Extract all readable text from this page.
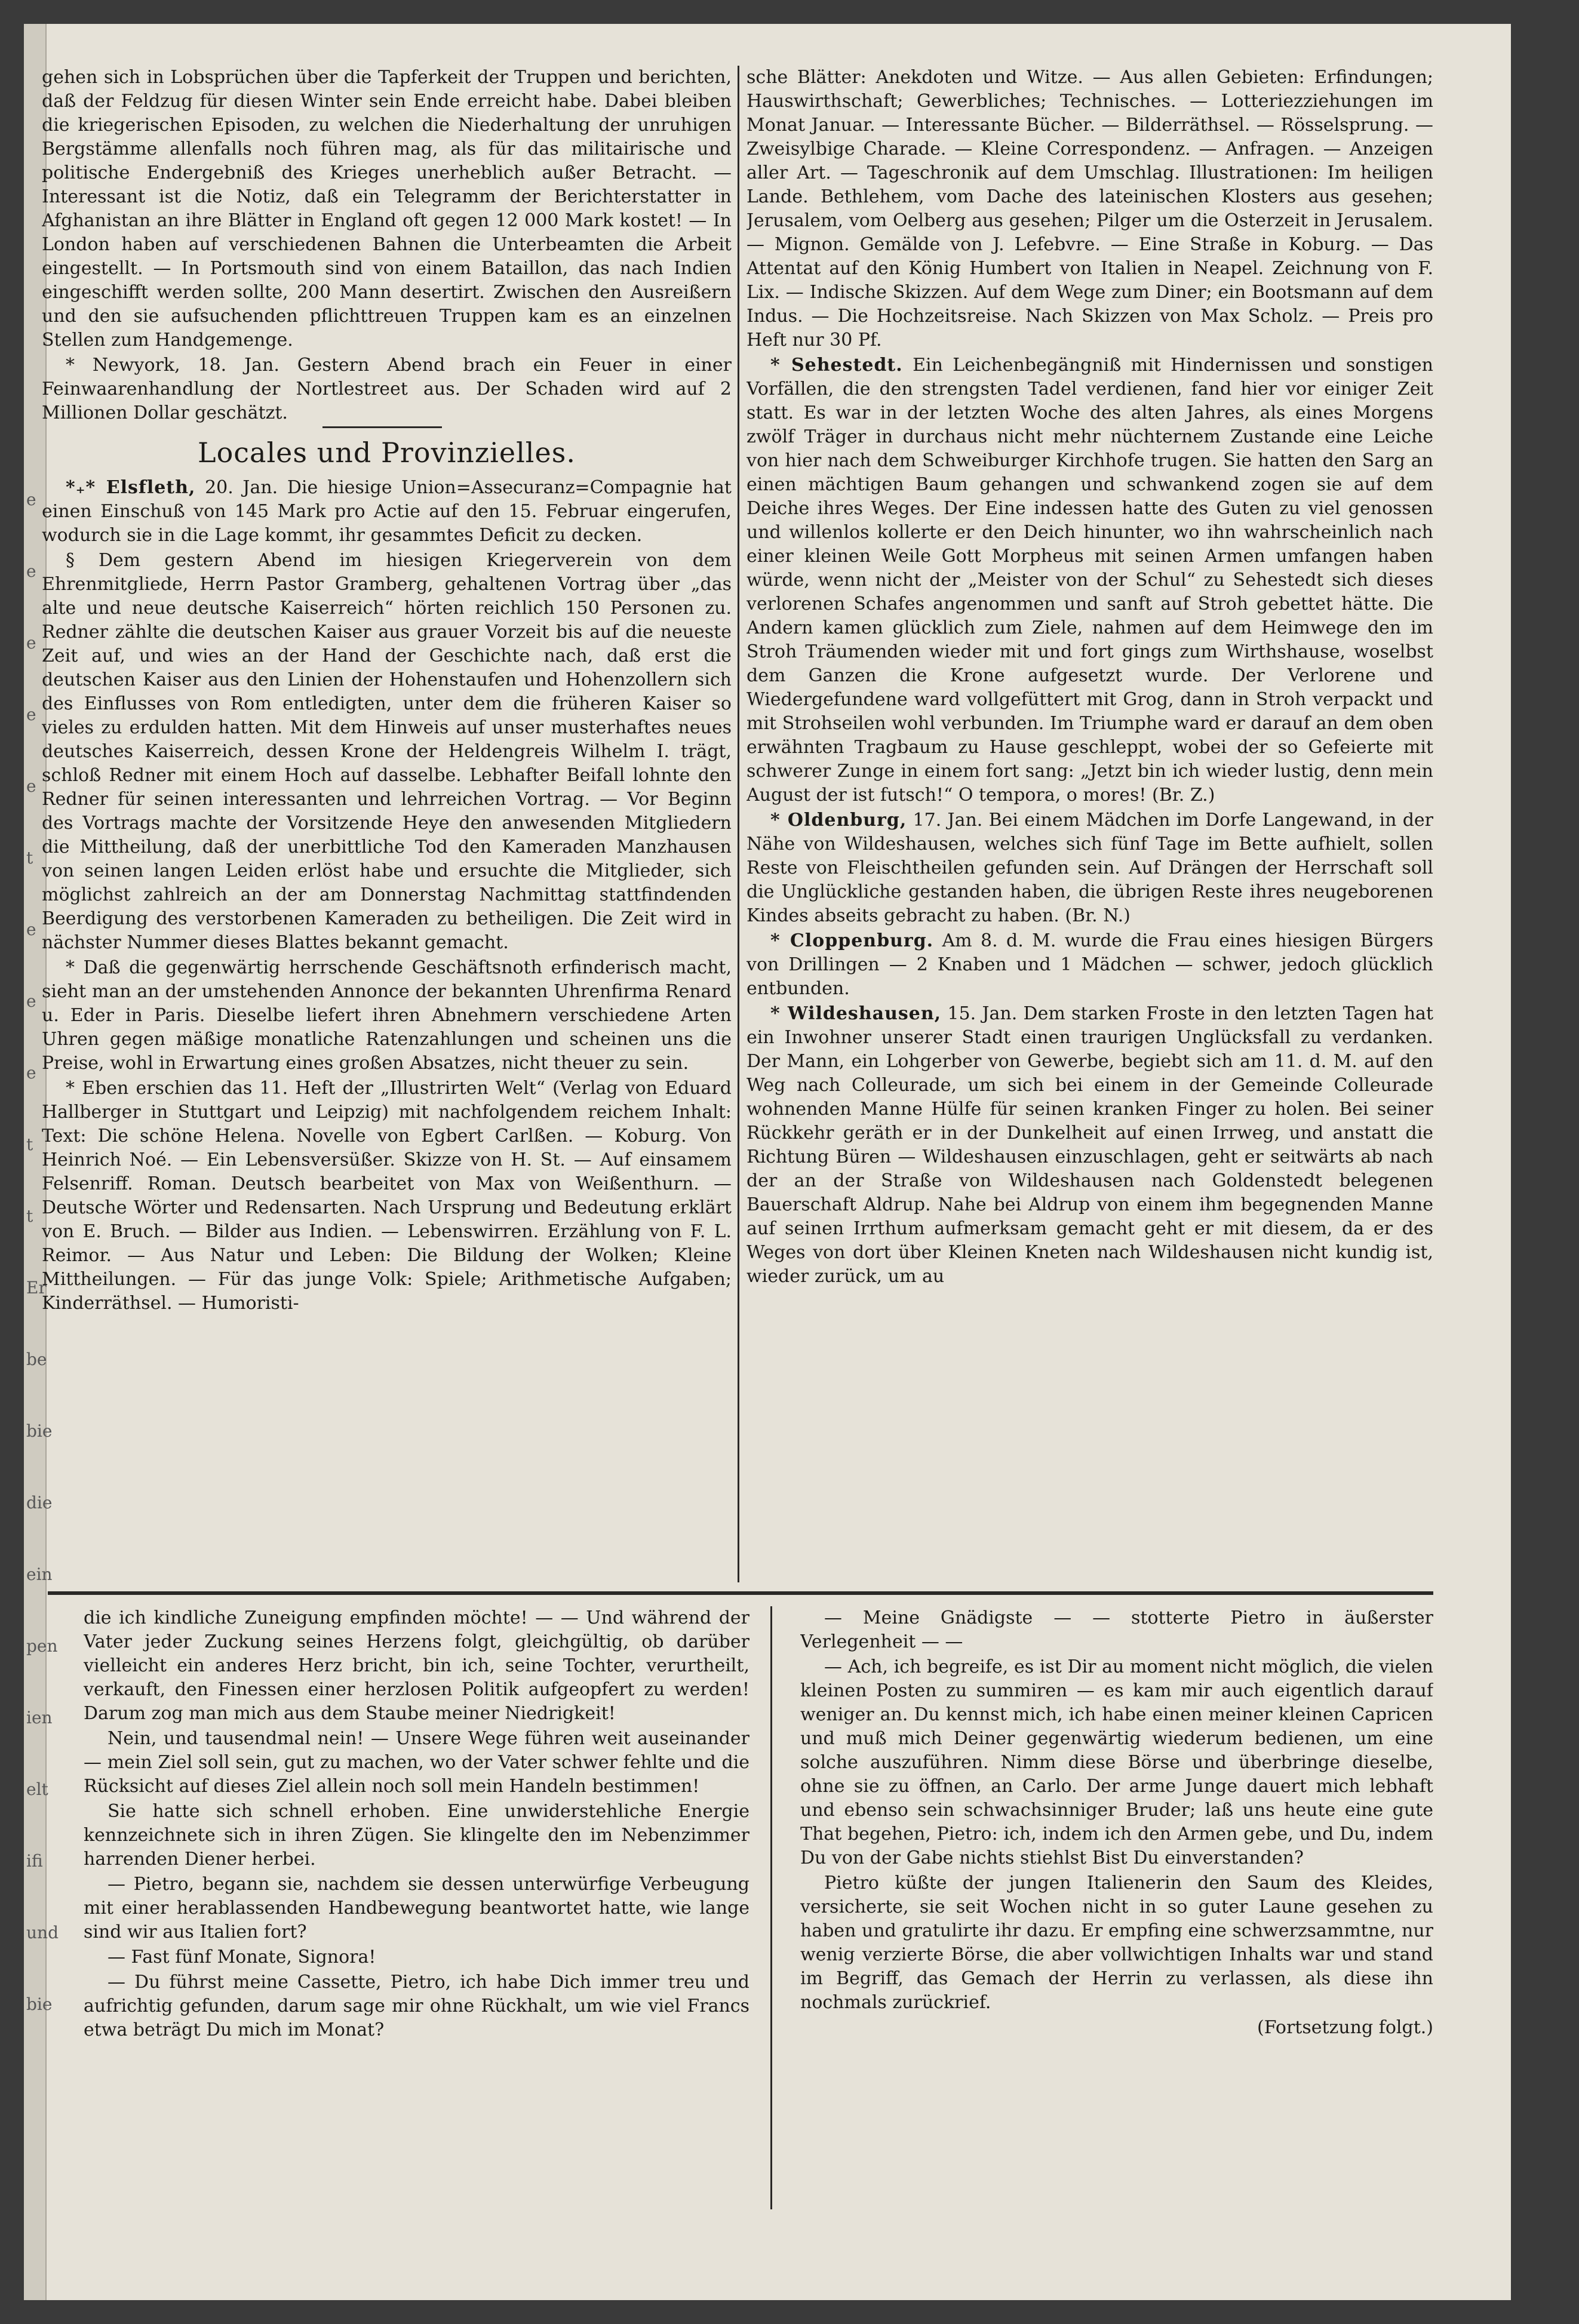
e
e
e
e
e
t
e
e
e
t
t
Er
be
bie
die
ein
pen
ien
elt
ifi
und
bie

gehen sich in Lobsprüchen über die Tapferkeit der Truppen und berichten, daß der Feldzug für diesen Winter sein Ende erreicht habe. Dabei bleiben die kriegerischen Episoden, zu welchen die Niederhaltung der unruhigen Bergstämme allenfalls noch führen mag, als für das militairische und politische Endergebniß des Krieges unerheblich außer Betracht. — Interessant ist die Notiz, daß ein Telegramm der Berichterstatter in Afghanistan an ihre Blätter in England oft gegen 12 000 Mark kostet! — In London haben auf verschiedenen Bahnen die Unterbeamten die Arbeit eingestellt. — In Portsmouth sind von einem Bataillon, das nach Indien eingeschifft werden sollte, 200 Mann desertirt. Zwischen den Ausreißern und den sie aufsuchenden pflichttreuen Truppen kam es an einzelnen Stellen zum Handgemenge.

* Newyork, 18. Jan. Gestern Abend brach ein Feuer in einer Feinwaarenhandlung der Nortlestreet aus. Der Schaden wird auf 2 Millionen Dollar geschätzt.

Locales und Provinzielles.

*₊* Elsfleth, 20. Jan. Die hiesige Union=Assecuranz=Compagnie hat einen Einschuß von 145 Mark pro Actie auf den 15. Februar eingerufen, wodurch sie in die Lage kommt, ihr gesammtes Deficit zu decken.

§ Dem gestern Abend im hiesigen Kriegerverein von dem Ehrenmitgliede, Herrn Pastor Gramberg, gehaltenen Vortrag über „das alte und neue deutsche Kaiserreich“ hörten reichlich 150 Personen zu. Redner zählte die deutschen Kaiser aus grauer Vorzeit bis auf die neueste Zeit auf, und wies an der Hand der Geschichte nach, daß erst die deutschen Kaiser aus den Linien der Hohenstaufen und Hohenzollern sich des Einflusses von Rom entledigten, unter dem die früheren Kaiser so vieles zu erdulden hatten. Mit dem Hinweis auf unser musterhaftes neues deutsches Kaiserreich, dessen Krone der Heldengreis Wilhelm I. trägt, schloß Redner mit einem Hoch auf dasselbe. Lebhafter Beifall lohnte den Redner für seinen interessanten und lehrreichen Vortrag. — Vor Beginn des Vortrags machte der Vorsitzende Heye den anwesenden Mitgliedern die Mittheilung, daß der unerbittliche Tod den Kameraden Manzhausen von seinen langen Leiden erlöst habe und ersuchte die Mitglieder, sich möglichst zahlreich an der am Donnerstag Nachmittag stattfindenden Beerdigung des verstorbenen Kameraden zu betheiligen. Die Zeit wird in nächster Nummer dieses Blattes bekannt gemacht.

* Daß die gegenwärtig herrschende Geschäftsnoth erfinderisch macht, sieht man an der umstehenden Annonce der bekannten Uhrenfirma Renard u. Eder in Paris. Dieselbe liefert ihren Abnehmern verschiedene Arten Uhren gegen mäßige monatliche Ratenzahlungen und scheinen uns die Preise, wohl in Erwartung eines großen Absatzes, nicht theuer zu sein.

* Eben erschien das 11. Heft der „Illustrirten Welt“ (Verlag von Eduard Hallberger in Stuttgart und Leipzig) mit nachfolgendem reichem Inhalt: Text: Die schöne Helena. Novelle von Egbert Carlßen. — Koburg. Von Heinrich Noé. — Ein Lebensversüßer. Skizze von H. St. — Auf einsamem Felsenriff. Roman. Deutsch bearbeitet von Max von Weißenthurn. — Deutsche Wörter und Redensarten. Nach Ursprung und Bedeutung erklärt von E. Bruch. — Bilder aus Indien. — Lebenswirren. Erzählung von F. L. Reimor. — Aus Natur und Leben: Die Bildung der Wolken; Kleine Mittheilungen. — Für das junge Volk: Spiele; Arithmetische Aufgaben; Kinderräthsel. — Humoristi-

sche Blätter: Anekdoten und Witze. — Aus allen Gebieten: Erfindungen; Hauswirthschaft; Gewerbliches; Technisches. — Lotteriezziehungen im Monat Januar. — Interessante Bücher. — Bilderräthsel. — Rösselsprung. — Zweisylbige Charade. — Kleine Correspondenz. — Anfragen. — Anzeigen aller Art. — Tageschronik auf dem Umschlag. Illustrationen: Im heiligen Lande. Bethlehem, vom Dache des lateinischen Klosters aus gesehen; Jerusalem, vom Oelberg aus gesehen; Pilger um die Osterzeit in Jerusalem. — Mignon. Gemälde von J. Lefebvre. — Eine Straße in Koburg. — Das Attentat auf den König Humbert von Italien in Neapel. Zeichnung von F. Lix. — Indische Skizzen. Auf dem Wege zum Diner; ein Bootsmann auf dem Indus. — Die Hochzeitsreise. Nach Skizzen von Max Scholz. — Preis pro Heft nur 30 Pf.

* Sehestedt. Ein Leichenbegängniß mit Hindernissen und sonstigen Vorfällen, die den strengsten Tadel verdienen, fand hier vor einiger Zeit statt. Es war in der letzten Woche des alten Jahres, als eines Morgens zwölf Träger in durchaus nicht mehr nüchternem Zustande eine Leiche von hier nach dem Schweiburger Kirchhofe trugen. Sie hatten den Sarg an einen mächtigen Baum gehangen und schwankend zogen sie auf dem Deiche ihres Weges. Der Eine indessen hatte des Guten zu viel genossen und willenlos kollerte er den Deich hinunter, wo ihn wahrscheinlich nach einer kleinen Weile Gott Morpheus mit seinen Armen umfangen haben würde, wenn nicht der „Meister von der Schul“ zu Sehestedt sich dieses verlorenen Schafes angenommen und sanft auf Stroh gebettet hätte. Die Andern kamen glücklich zum Ziele, nahmen auf dem Heimwege den im Stroh Träumenden wieder mit und fort gings zum Wirthshause, woselbst dem Ganzen die Krone aufgesetzt wurde. Der Verlorene und Wiedergefundene ward vollgefüttert mit Grog, dann in Stroh verpackt und mit Strohseilen wohl verbunden. Im Triumphe ward er darauf an dem oben erwähnten Tragbaum zu Hause geschleppt, wobei der so Gefeierte mit schwerer Zunge in einem fort sang: „Jetzt bin ich wieder lustig, denn mein August der ist futsch!“ O tempora, o mores! (Br. Z.)

* Oldenburg, 17. Jan. Bei einem Mädchen im Dorfe Langewand, in der Nähe von Wildeshausen, welches sich fünf Tage im Bette aufhielt, sollen Reste von Fleischtheilen gefunden sein. Auf Drängen der Herrschaft soll die Unglückliche gestanden haben, die übrigen Reste ihres neugeborenen Kindes abseits gebracht zu haben. (Br. N.)

* Cloppenburg. Am 8. d. M. wurde die Frau eines hiesigen Bürgers von Drillingen — 2 Knaben und 1 Mädchen — schwer, jedoch glücklich entbunden.

* Wildeshausen, 15. Jan. Dem starken Froste in den letzten Tagen hat ein Inwohner unserer Stadt einen traurigen Unglücksfall zu verdanken. Der Mann, ein Lohgerber von Gewerbe, begiebt sich am 11. d. M. auf den Weg nach Colleurade, um sich bei einem in der Gemeinde Colleurade wohnenden Manne Hülfe für seinen kranken Finger zu holen. Bei seiner Rückkehr geräth er in der Dunkelheit auf einen Irrweg, und anstatt die Richtung Büren — Wildeshausen einzuschlagen, geht er seitwärts ab nach der an der Straße von Wildeshausen nach Goldenstedt belegenen Bauerschaft Aldrup. Nahe bei Aldrup von einem ihm begegnenden Manne auf seinen Irrthum aufmerksam gemacht geht er mit diesem, da er des Weges von dort über Kleinen Kneten nach Wildeshausen nicht kundig ist, wieder zurück, um au

die ich kindliche Zuneigung empfinden möchte! — — Und während der Vater jeder Zuckung seines Herzens folgt, gleichgültig, ob darüber vielleicht ein anderes Herz bricht, bin ich, seine Tochter, verurtheilt, verkauft, den Finessen einer herzlosen Politik aufgeopfert zu werden! Darum zog man mich aus dem Staube meiner Niedrigkeit!

Nein, und tausendmal nein! — Unsere Wege führen weit auseinander — mein Ziel soll sein, gut zu machen, wo der Vater schwer fehlte und die Rücksicht auf dieses Ziel allein noch soll mein Handeln bestimmen!

Sie hatte sich schnell erhoben. Eine unwiderstehliche Energie kennzeichnete sich in ihren Zügen. Sie klingelte den im Nebenzimmer harrenden Diener herbei.

— Pietro, begann sie, nachdem sie dessen unterwürfige Verbeugung mit einer herablassenden Handbewegung beantwortet hatte, wie lange sind wir aus Italien fort?

— Fast fünf Monate, Signora!

— Du führst meine Cassette, Pietro, ich habe Dich immer treu und aufrichtig gefunden, darum sage mir ohne Rückhalt, um wie viel Francs etwa beträgt Du mich im Monat?

— Meine Gnädigste — — stotterte Pietro in äußerster Verlegenheit — —

— Ach, ich begreife, es ist Dir au moment nicht möglich, die vielen kleinen Posten zu summiren — es kam mir auch eigentlich darauf weniger an. Du kennst mich, ich habe einen meiner kleinen Capricen und muß mich Deiner gegenwärtig wiederum bedienen, um eine solche auszuführen. Nimm diese Börse und überbringe dieselbe, ohne sie zu öffnen, an Carlo. Der arme Junge dauert mich lebhaft und ebenso sein schwachsinniger Bruder; laß uns heute eine gute That begehen, Pietro: ich, indem ich den Armen gebe, und Du, indem Du von der Gabe nichts stiehlst Bist Du einverstanden?

Pietro küßte der jungen Italienerin den Saum des Kleides, versicherte, sie seit Wochen nicht in so guter Laune gesehen zu haben und gratulirte ihr dazu. Er empfing eine schwerzsammtne, nur wenig verzierte Börse, die aber vollwichtigen Inhalts war und stand im Begriff, das Gemach der Herrin zu verlassen, als diese ihn nochmals zurückrief.

(Fortsetzung folgt.)
